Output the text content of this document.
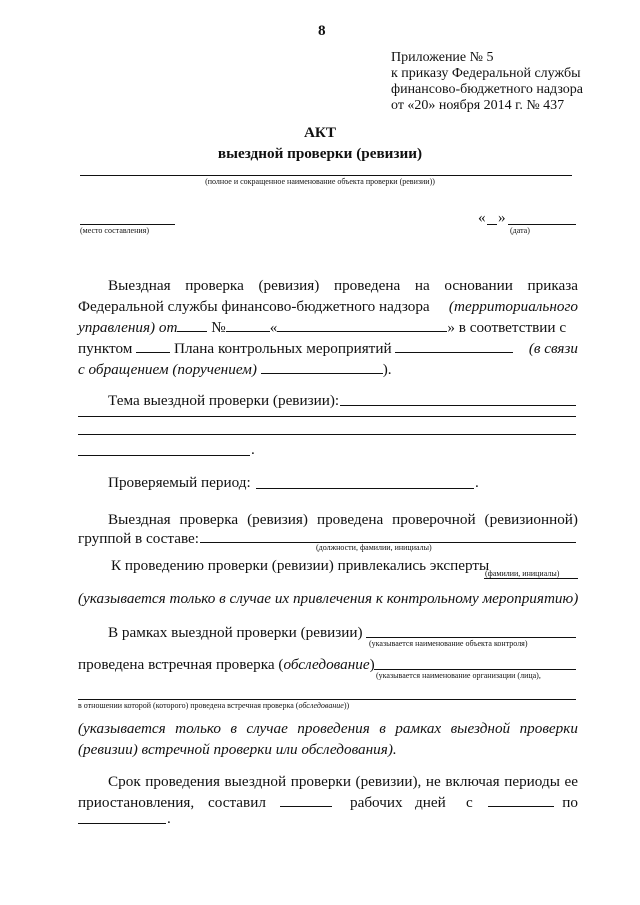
8
Приложение № 5
к приказу Федеральной службы
финансово-бюджетного надзора
от «20» ноября 2014 г. № 437
АКТ
выездной проверки (ревизии)
(полное и сокращенное наименование объекта проверки (ревизии))
(место составления)
« »
(дата)
Выездная проверка (ревизия) проведена на основании приказа
Федеральной службы финансово-бюджетного надзора (территориального
управления) от №	«	» в соответствии с
пунктом	Плана контрольных мероприятий	(в связи
с обращением (поручением)	).
Тема выездной проверки (ревизии):
.
Проверяемый период:	.
Выездная проверка (ревизия) проведена проверочной (ревизионной)
группой в составе:
(должности, фамилии, инициалы)
К проведению проверки (ревизии) привлекались эксперты
(фамилии, инициалы)
(указывается только в случае их привлечения к контрольному мероприятию)
В рамках выездной проверки (ревизии)
(указывается наименование объекта контроля)
проведена встречная проверка (обследование)
(указывается наименование организации (лица),
в отношении которой (которого) проведена встречная проверка (обследование))
(указывается только в случае проведения в рамках выездной проверки
(ревизии) встречной проверки или обследования).
Срок проведения выездной проверки (ревизии), не включая периоды ее
приостановления, составил	рабочих дней с	по
.
